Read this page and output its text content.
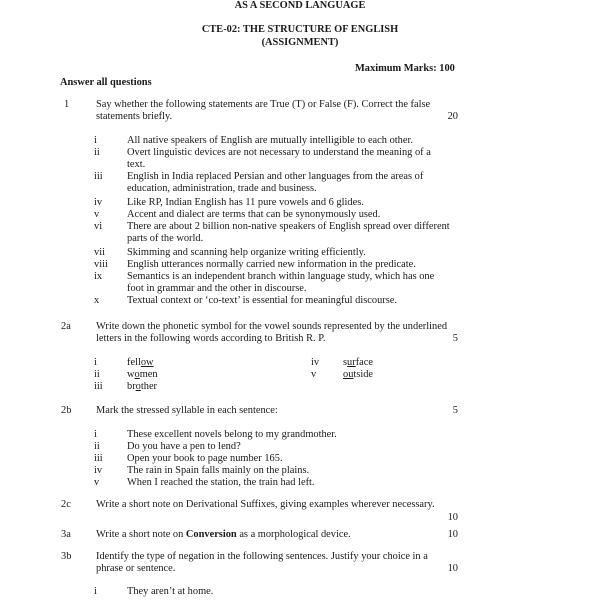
AS A SECOND LANGUAGE
CTE-02: THE STRUCTURE OF ENGLISH
(ASSIGNMENT)
Maximum Marks: 100
Answer all questions
1	Say whether the following statements are True (T) or False (F). Correct the false
statements briefly.	20
i	All native speakers of English are mutually intelligible to each other.
ii	Overt linguistic devices are not necessary to understand the meaning of a
text.
iii English in India replaced Persian and other languages from the areas of
education, administration, trade and business.
iv Like RP, Indian English has 11 pure vowels and 6 glides.
v	Accent and dialect are terms that can be synonymously used.
vi There are about 2 billion non-native speakers of English spread over different
parts of the world.
vii Skimming and scanning help organize writing efficiently.
viii English utterances normally carried new information in the predicate.
ix Semantics is an independent branch within language study, which has one
foot in grammar and the other in discourse.
x	Textual context or ‘co-text’ is essential for meaningful discourse.
2a Write down the phonetic symbol for the vowel sounds represented by the underlined
letters in the following words according to British R. P.	5
i	fellow
ii	women
iii brother
iv surface
v	outside
2b Mark the stressed syllable in each sentence:	5
i	These excellent novels belong to my grandmother.
ii	Do you have a pen to lend?
iii Open your book to page number 165.
iv The rain in Spain falls mainly on the plains.
v	When I reached the station, the train had left.
2c Write a short note on Derivational Suffixes, giving examples wherever necessary.
10
3a Write a short note on Conversion as a morphological device.	10
3b Identify the type of negation in the following sentences. Justify your choice in a
phrase or sentence.	10
i	They aren’t at home.
